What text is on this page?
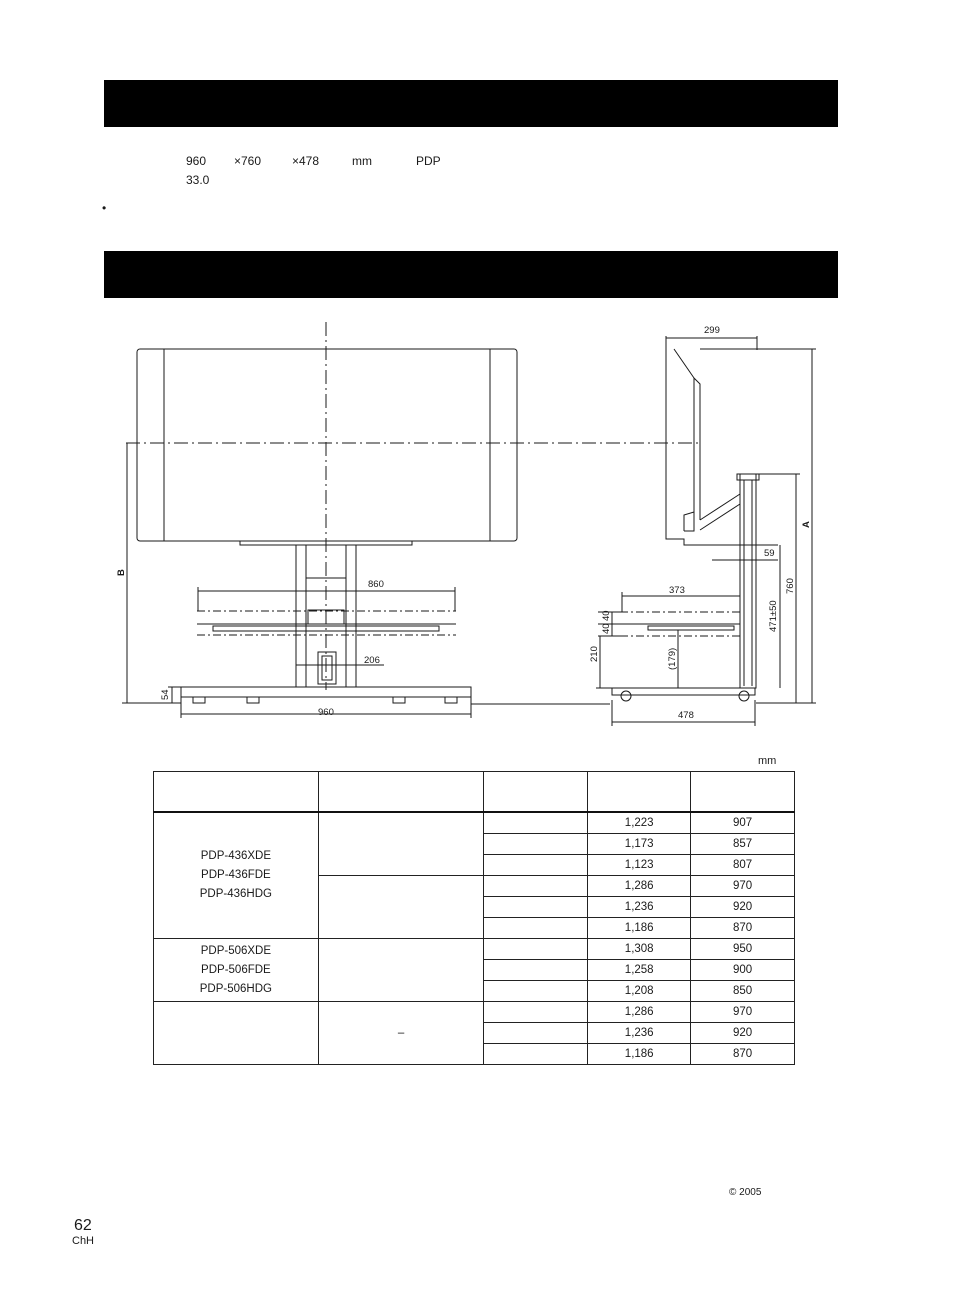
960 ×760	×478	mm	PDP
33.0
•
860
206
960
54
B
299
A
59
373	760
471±50
40
40
210	(179)
478
mm

PDP-436XDE
PDP-436FDE
PDP-436HDG			1,223	907
			1,173	857
			1,123	807
			1,286	970
			1,236	920
			1,186	870

PDP-506XDE
PDP-506FDE
PDP-506HDG			1,308	950
			1,258	900
			1,208	850
	–		1,286	970
			1,236	920
			1,186	870
© 2005
62
ChH
